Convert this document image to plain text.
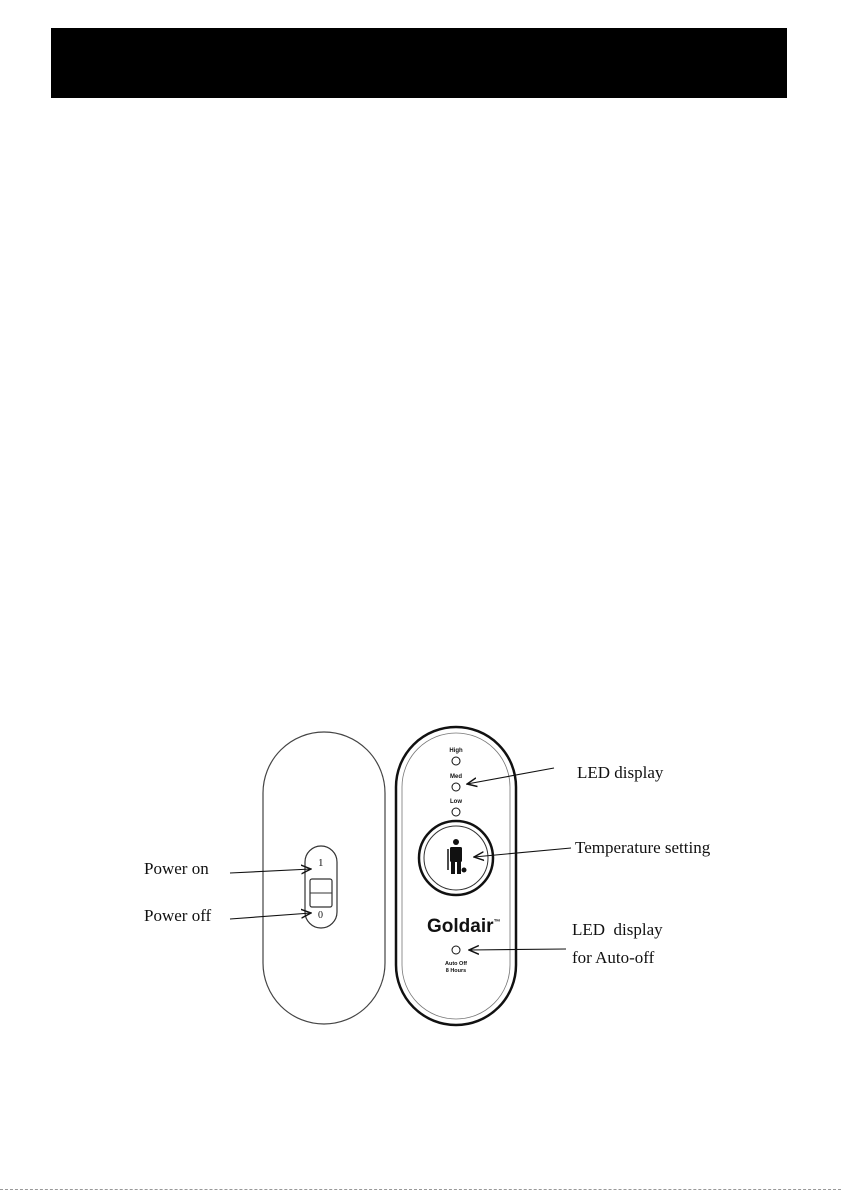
1
0
High
Med
Low
Goldair™
Auto Off
8 Hours
Power on
Power off
LED display
Temperature setting
LED  display
for Auto-off
